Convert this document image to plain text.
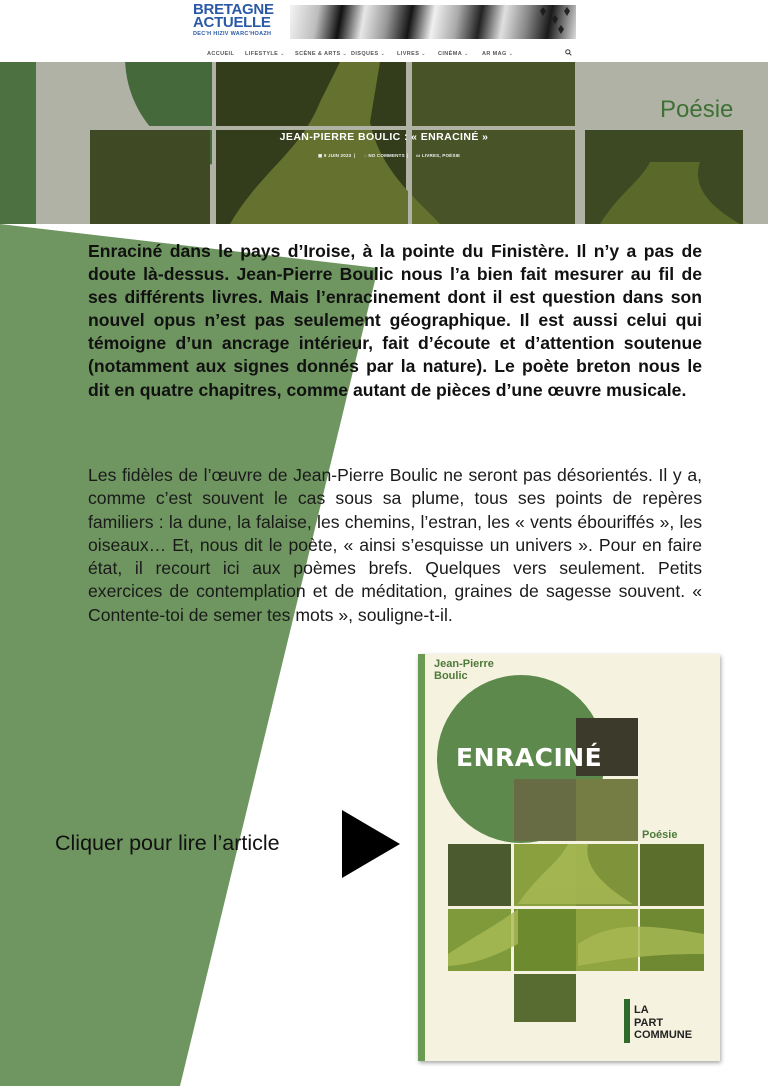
BRETAGNE
ACTUELLE
DEC'H HIZIV WARC'HOAZH
ACCUEIL LIFESTYLE ⌄ SCÈNE & ARTS ⌄ DISQUES ⌄ LIVRES ⌄ CINÉMA ⌄ AR MAG ⌄
Poésie
JEAN-PIERRE BOULIC : « ENRACINÉ »
▣ 9 JUIN 2023 | ◌ NO COMMENTS | ▭ LIVRES, POÉSIE

Enraciné dans le pays d’Iroise, à la pointe du Finistère. Il n’y a pas de doute là-dessus. Jean-Pierre Boulic nous l’a bien fait mesurer au fil de ses différents livres. Mais l’enracinement dont il est question dans son nouvel opus n’est pas seulement géographique. Il est aussi celui qui témoigne d’un ancrage intérieur, fait d’écoute et d’attention soutenue (notamment aux signes donnés par la nature). Le poète breton nous le dit en quatre chapitres, comme autant de pièces d’une œuvre musicale.

Les fidèles de l’œuvre de Jean-Pierre Boulic ne seront pas désorientés. Il y a, comme c’est souvent le cas sous sa plume, tous ses points de repères familiers : la dune, la falaise, les chemins, l’estran, les « vents ébouriffés », les oiseaux… Et, nous dit le poète, « ainsi s’esquisse un univers ». Pour en faire état, il recourt ici aux poèmes brefs. Quelques vers seulement. Petits exercices de contemplation et de méditation, graines de sagesse souvent. « Contente-toi de semer tes mots », souligne-t-il.

Cliquer pour lire l’article
Jean-Pierre
Boulic
ENRACINÉ
Poésie
LA
PART
COMMUNE
